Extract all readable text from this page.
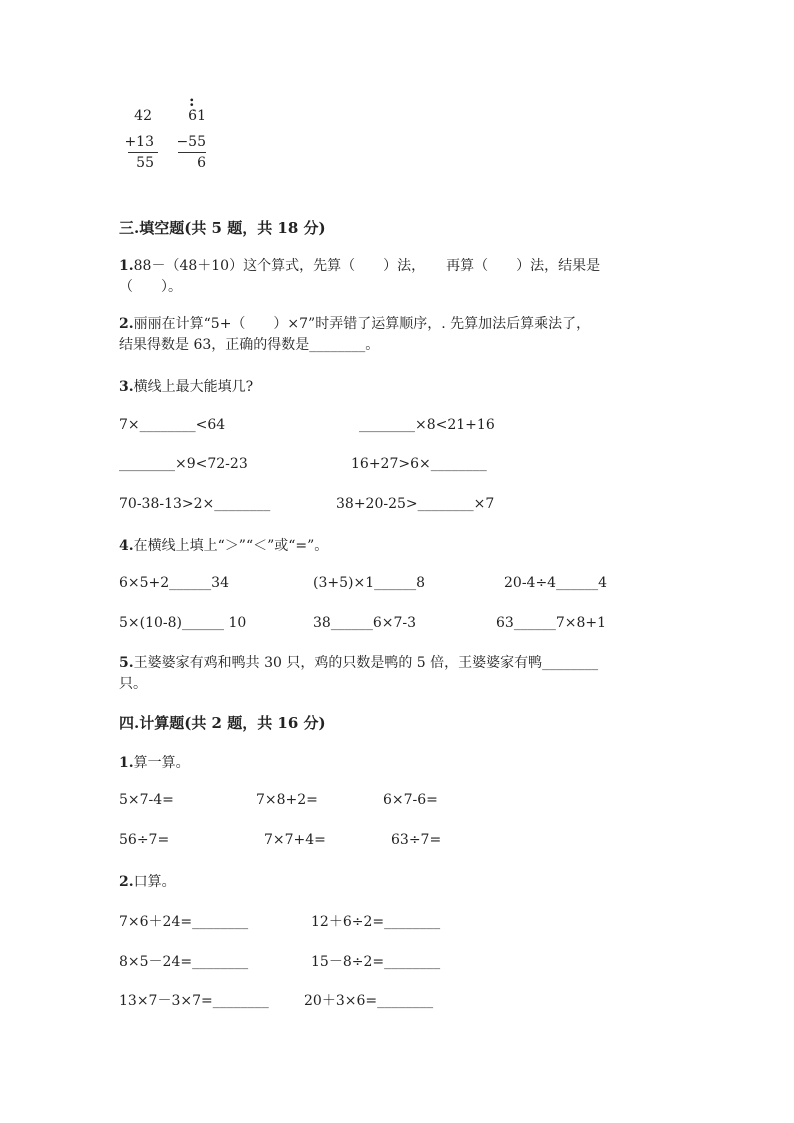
42
+13
55
6̇1
−55
6
:
三.填空题(共 5 题，共 18 分)
1.88－（48＋10）这个算式，先算（　　）法，　　再算（　　）法，结果是
（　　）。
2.丽丽在计算“5+（　　）×7”时弄错了运算顺序，. 先算加法后算乘法了，
结果得数是 63，正确的得数是________。
3.横线上最大能填几?
7×________<64	________×8<21+16
________×9<72-23	16+27>6×________
70-38-13>2×________	38+20-25>________×7
4.在横线上填上“＞”“＜”或“=”。
6×5+2______34	(3+5)×1______8	20-4÷4______4
5×(10-8)______ 10	38______6×7-3	63______7×8+1
5.王婆婆家有鸡和鸭共 30 只，鸡的只数是鸭的 5 倍，王婆婆家有鸭________
只。
四.计算题(共 2 题，共 16 分)
1.算一算。
5×7-4=	7×8+2=	6×7-6=
56÷7=	7×7+4=	63÷7=
2.口算。
7×6＋24=________	12＋6÷2=________
8×5－24=________	15－8÷2=________
13×7－3×7=________	20＋3×6=________
